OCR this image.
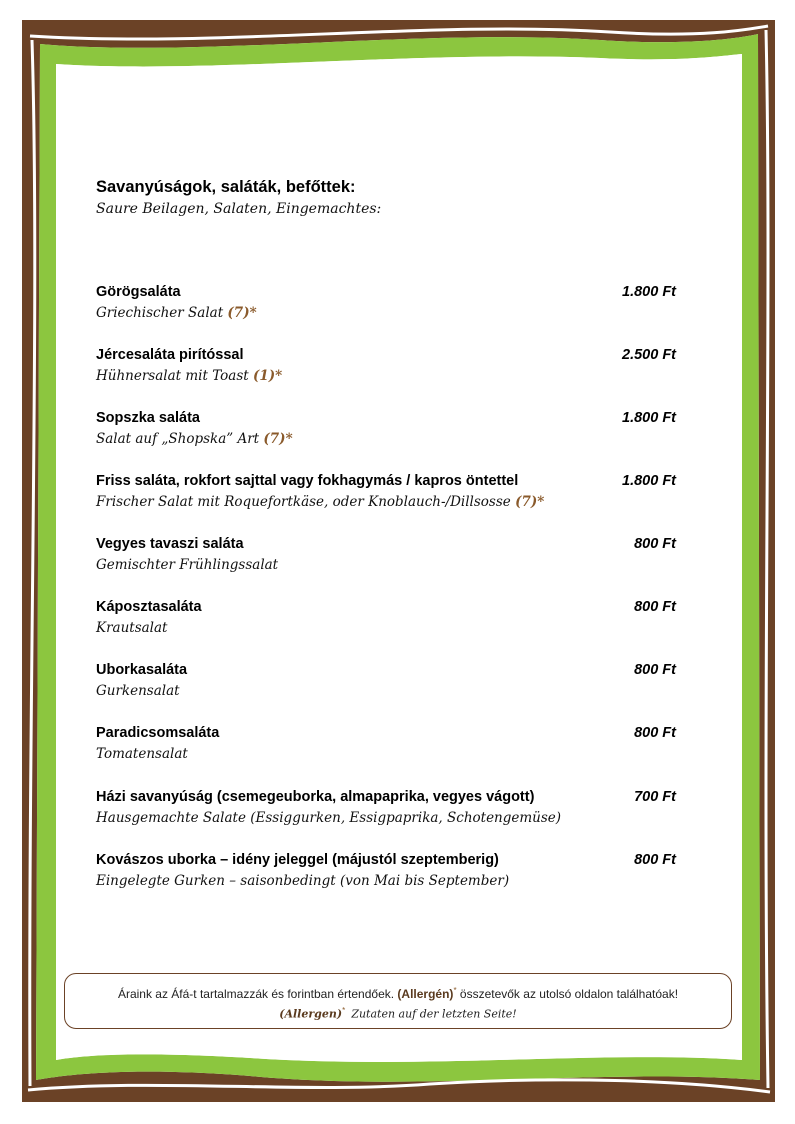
Savanyúságok, saláták, befőttek:
Saure Beilagen, Salaten, Eingemachtes:
Görögsaláta	1.800 Ft
Griechischer Salat (7)*
Jércesaláta pirítóssal	2.500 Ft
Hühnersalat mit Toast (1)*
Sopszka saláta	1.800 Ft
Salat auf „Shopska” Art (7)*
Friss saláta, rokfort sajttal vagy fokhagymás / kapros öntettel	1.800 Ft
Frischer Salat mit Roquefortkäse, oder Knoblauch-/Dillsosse (7)*
Vegyes tavaszi saláta	800 Ft
Gemischter Frühlingssalat
Káposztasaláta	800 Ft
Krautsalat
Uborkasaláta	800 Ft
Gurkensalat
Paradicsomsaláta	800 Ft
Tomatensalat
Házi savanyúság (csemegeuborka, almapaprika, vegyes vágott)	700 Ft
Hausgemachte Salate (Essiggurken, Essigpaprika, Schotengemüse)
Kovászos uborka – idény jeleggel (májustól szeptemberig)	800 Ft
Eingelegte Gurken – saisonbedingt (von Mai bis September)
Áraink az Áfá-t tartalmazzák és forintban értendőek. (Allergén)* összetevők az utolsó oldalon találhatóak!
(Allergen)* Zutaten auf der letzten Seite!
